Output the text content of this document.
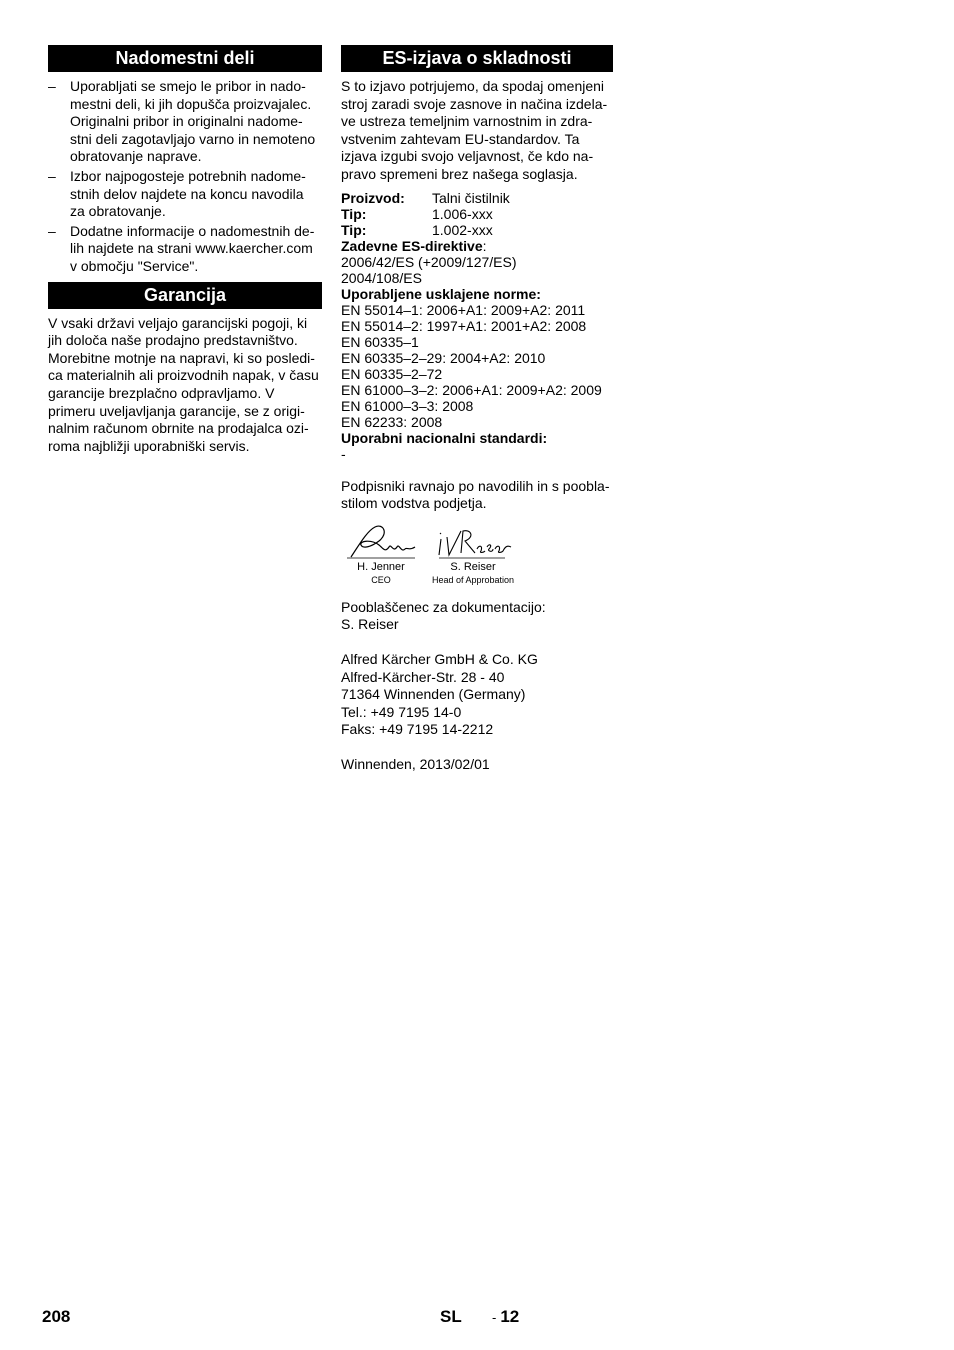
Nadomestni deli
– Uporabljati se smejo le pribor in nado-mestni deli, ki jih dopušča proizvajalec. Originalni pribor in originalni nadome-stni deli zagotavljajo varno in nemoteno obratovanje naprave.
– Izbor najpogosteje potrebnih nadome-stnih delov najdete na koncu navodila za obratovanje.
– Dodatne informacije o nadomestnih de-lih najdete na strani www.kaercher.com v območju "Service".
Garancija
V vsaki državi veljajo garancijski pogoji, ki jih določa naše prodajno predstavništvo. Morebitne motnje na napravi, ki so posledi-ca materialnih ali proizvodnih napak, v času garancije brezplačno odpravljamo. V primeru uveljavljanja garancije, se z origi-nalnim računom obrnite na prodajalca ozi-roma najbližji uporabniški servis.
ES-izjava o skladnosti
S to izjavo potrjujemo, da spodaj omenjeni stroj zaradi svoje zasnove in načina izdela-ve ustreza temeljnim varnostnim in zdra-vstvenim zahtevam EU-standardov. Ta izjava izgubi svojo veljavnost, če kdo na-pravo spremeni brez našega soglasja.
Proizvod:	Talni čistilnik
Tip:	1.006-xxx
Tip:	1.002-xxx
Zadevne ES-direktive:
2006/42/ES (+2009/127/ES)
2004/108/ES
Uporabljene usklajene norme:
EN 55014–1: 2006+A1: 2009+A2: 2011
EN 55014–2: 1997+A1: 2001+A2: 2008
EN 60335–1
EN 60335–2–29: 2004+A2: 2010
EN 60335–2–72
EN 61000–3–2: 2006+A1: 2009+A2: 2009
EN 61000–3–3: 2008
EN 62233: 2008
Uporabni nacionalni standardi:
-
Podpisniki ravnajo po navodilih in s poobla-stilom vodstva podjetja.
H. Jenner
CEO
S. Reiser
Head of Approbation
Pooblaščenec za dokumentacijo:
S. Reiser
Alfred Kärcher GmbH & Co. KG
Alfred-Kärcher-Str. 28 - 40
71364 Winnenden (Germany)
Tel.: +49 7195 14-0
Faks: +49 7195 14-2212
Winnenden, 2013/02/01
208	SL - 12
